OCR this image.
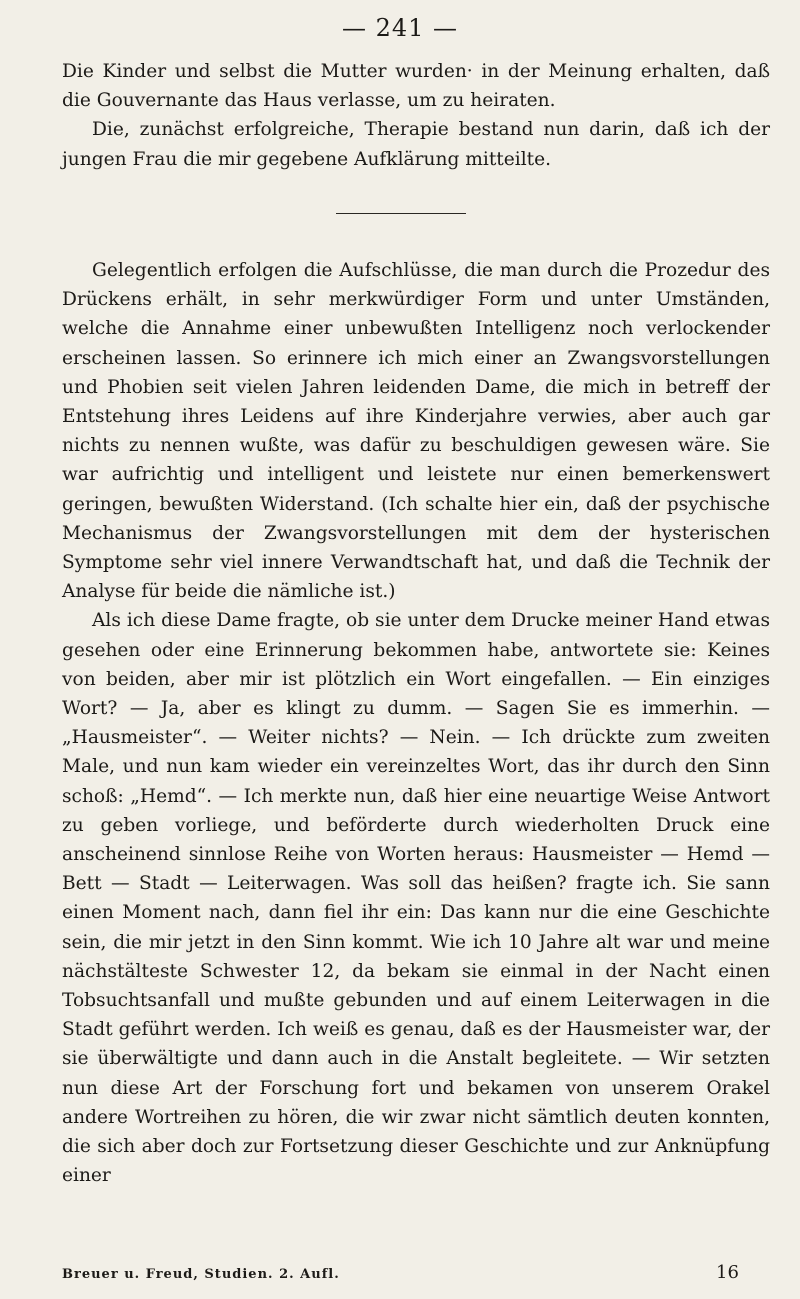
— 241 —

Die Kinder und selbst die Mutter wurden· in der Meinung erhalten, daß die Gouvernante das Haus verlasse, um zu heiraten.

Die, zunächst erfolgreiche, Therapie bestand nun darin, daß ich der jungen Frau die mir gegebene Aufklärung mitteilte.

Gelegentlich erfolgen die Aufschlüsse, die man durch die Prozedur des Drückens erhält, in sehr merkwürdiger Form und unter Umständen, welche die Annahme einer unbewußten Intelligenz noch verlockender erscheinen lassen. So erinnere ich mich einer an Zwangsvorstellungen und Phobien seit vielen Jahren leidenden Dame, die mich in betreff der Entstehung ihres Leidens auf ihre Kinderjahre verwies, aber auch gar nichts zu nennen wußte, was dafür zu beschuldigen gewesen wäre. Sie war aufrichtig und intelligent und leistete nur einen bemerkenswert geringen, bewußten Widerstand. (Ich schalte hier ein, daß der psychische Mechanismus der Zwangsvorstellungen mit dem der hysterischen Symptome sehr viel innere Verwandtschaft hat, und daß die Technik der Analyse für beide die nämliche ist.)

Als ich diese Dame fragte, ob sie unter dem Drucke meiner Hand etwas gesehen oder eine Erinnerung bekommen habe, antwortete sie: Keines von beiden, aber mir ist plötzlich ein Wort eingefallen. — Ein einziges Wort? — Ja, aber es klingt zu dumm. — Sagen Sie es immerhin. — „Hausmeister“. — Weiter nichts? — Nein. — Ich drückte zum zweiten Male, und nun kam wieder ein vereinzeltes Wort, das ihr durch den Sinn schoß: „Hemd“. — Ich merkte nun, daß hier eine neuartige Weise Antwort zu geben vorliege, und beförderte durch wiederholten Druck eine anscheinend sinnlose Reihe von Worten heraus: Hausmeister — Hemd — Bett — Stadt — Leiterwagen. Was soll das heißen? fragte ich. Sie sann einen Moment nach, dann fiel ihr ein: Das kann nur die eine Geschichte sein, die mir jetzt in den Sinn kommt. Wie ich 10 Jahre alt war und meine nächstälteste Schwester 12, da bekam sie einmal in der Nacht einen Tobsuchtsanfall und mußte gebunden und auf einem Leiterwagen in die Stadt geführt werden. Ich weiß es genau, daß es der Hausmeister war, der sie überwältigte und dann auch in die Anstalt begleitete. — Wir setzten nun diese Art der Forschung fort und bekamen von unserem Orakel andere Wortreihen zu hören, die wir zwar nicht sämtlich deuten konnten, die sich aber doch zur Fortsetzung dieser Geschichte und zur Anknüpfung einer

Breuer u. Freud, Studien. 2. Aufl.	16
